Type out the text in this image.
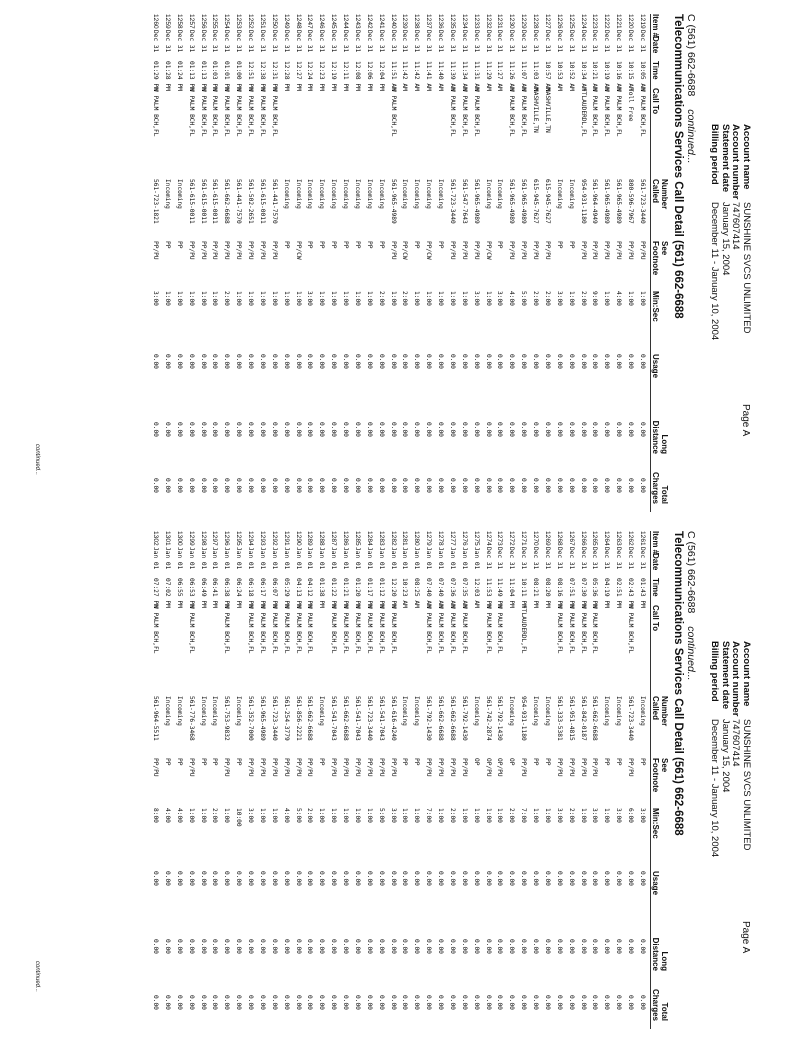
Page A
Account name
SUNSHINE SVCS UNLIMITED
Account number
747607414
Statement date
January 15, 2004
Billing period
December 11 - January 10, 2004
C (561) 662-6688 continued...
Telecommunications Services Call Detail (561) 662-6688
Item #
Date
Time
Call To
Number Called
See Footnote
Min:Sec
Usage
Long Distance
Total Charges
1219
Dec 31
10:05 AM
W PALM BCH,FL
561-723-3440
PP/PU
1:00
0.00
0.00
0.00
1220
Dec 31
10:15 AM
Toll Free
800-596-7967
PP/PU
1:00
0.00
0.00
0.00
1221
Dec 31
10:16 AM
W PALM BCH,FL
561-965-4989
PP/PU
4:00
0.00
0.00
0.00
1222
Dec 31
10:19 AM
W PALM BCH,FL
561-965-4989
PP/PU
1:00
0.00
0.00
0.00
1223
Dec 31
10:21 AM
W PALM BCH,FL
561-964-4949
PP/PU
9:00
0.00
0.00
0.00
1224
Dec 31
10:34 AM
FTLAUDERDL,FL
954-931-1180
PP/PU
2:00
0.00
0.00
0.00
1225
Dec 31
10:52 AM
Incoming
PP
1:00
0.00
0.00
0.00
1226
Dec 31
10:53 AM
Incoming
PP
3:00
0.00
0.00
0.00
1227
Dec 31
10:57 AM
NASHVILLE,TN
615-945-7627
PP/PU
2:00
0.00
0.00
0.00
1228
Dec 31
11:03 AM
NASHVILLE,TN
615-945-7627
PP/PU
2:00
0.00
0.00
0.00
1229
Dec 31
11:07 AM
W PALM BCH,FL
561-965-4989
PP/PU
5:00
0.00
0.00
0.00
1230
Dec 31
11:26 AM
W PALM BCH,FL
561-965-4989
PP/PU
4:00
0.00
0.00
0.00
1231
Dec 31
11:27 AM
Incoming
PP
3:00
0.00
0.00
0.00
1232
Dec 31
11:29 AM
Incoming
PP/CW
1:00
0.00
0.00
0.00
1233
Dec 31
11:31 AM
W PALM BCH,FL
561-965-4989
PP/PU
3:00
0.00
0.00
0.00
1234
Dec 31
11:34 AM
W PALM BCH,FL
561-547-7643
PP/PU
1:00
0.00
0.00
0.00
1235
Dec 31
11:39 AM
W PALM BCH,FL
561-723-3440
PP/PU
1:00
0.00
0.00
0.00
1236
Dec 31
11:40 AM
Incoming
PP
1:00
0.00
0.00
0.00
1237
Dec 31
11:41 AM
Incoming
PP/CW
1:00
0.00
0.00
0.00
1238
Dec 31
11:42 AM
Incoming
PP
1:00
0.00
0.00
0.00
1239
Dec 31
11:42 AM
Incoming
PP/CW
2:00
0.00
0.00
0.00
1240
Dec 31
11:51 AM
W PALM BCH,FL
561-965-4989
PP/PU
1:00
0.00
0.00
0.00
1241
Dec 31
12:04 PM
Incoming
PP
2:00
0.00
0.00
0.00
1242
Dec 31
12:06 PM
Incoming
PP
1:00
0.00
0.00
0.00
1243
Dec 31
12:08 PM
Incoming
PP
1:00
0.00
0.00
0.00
1244
Dec 31
12:11 PM
Incoming
PP
1:00
0.00
0.00
0.00
1245
Dec 31
12:19 PM
Incoming
PP
1:00
0.00
0.00
0.00
1246
Dec 31
12:23 PM
Incoming
PP
1:00
0.00
0.00
0.00
1247
Dec 31
12:24 PM
Incoming
PP
3:00
0.00
0.00
0.00
1248
Dec 31
12:27 PM
Incoming
PP/CW
1:00
0.00
0.00
0.00
1249
Dec 31
12:28 PM
Incoming
PP
1:00
0.00
0.00
0.00
1250
Dec 31
12:31 PM
W PALM BCH,FL
561-441-7570
PP/PU
1:00
0.00
0.00
0.00
1251
Dec 31
12:38 PM
W PALM BCH,FL
561-615-0011
PP/PU
1:00
0.00
0.00
0.00
1252
Dec 31
12:51 PM
W PALM BCH,FL
561-502-2651
PP/PU
1:00
0.00
0.00
0.00
1253
Dec 31
01:00 PM
W PALM BCH,FL
561-441-7570
PP/PU
1:00
0.00
0.00
0.00
1254
Dec 31
01:01 PM
W PALM BCH,FL
561-662-6688
PP/PU
2:00
0.00
0.00
0.00
1255
Dec 31
01:03 PM
W PALM BCH,FL
561-615-0011
PP/PU
1:00
0.00
0.00
0.00
1256
Dec 31
01:13 PM
W PALM BCH,FL
561-615-0011
PP/PU
1:00
0.00
0.00
0.00
1257
Dec 31
01:13 PM
W PALM BCH,FL
561-615-0011
PP/PU
1:00
0.00
0.00
0.00
1258
Dec 31
01:24 PM
Incoming
PP
1:00
0.00
0.00
0.00
1259
Dec 31
01:28 PM
Incoming
PP
1:00
0.00
0.00
0.00
1260
Dec 31
01:29 PM
W PALM BCH,FL
561-723-1821
PP/PU
3:00
0.00
0.00
0.00
continued...
Page A
Account name
SUNSHINE SVCS UNLIMITED
Account number
747607414
Statement date
January 15, 2004
Billing period
December 11 - January 10, 2004
C (561) 662-6688 continued...
Telecommunications Services Call Detail (561) 662-6688
Item #
Date
Time
Call To
Number Called
See Footnote
Min:Sec
Usage
Long Distance
Total Charges
1261
Dec 31
01:43 PM
Incoming
PP
3:00
0.00
0.00
0.00
1262
Dec 31
02:43 PM
W PALM BCH,FL
561-723-3440
PP/PU
6:00
0.00
0.00
0.00
1263
Dec 31
02:51 PM
Incoming
PP
3:00
0.00
0.00
0.00
1264
Dec 31
04:19 PM
Incoming
PP
1:00
0.00
0.00
0.00
1265
Dec 31
05:36 PM
W PALM BCH,FL
561-662-6688
PP/PU
3:00
0.00
0.00
0.00
1266
Dec 31
07:30 PM
W PALM BCH,FL
561-842-0187
PP/PU
1:00
0.00
0.00
0.00
1267
Dec 31
07:51 PM
W PALM BCH,FL
561-951-4815
PP/PU
2:00
0.00
0.00
0.00
1268
Dec 31
08:16 PM
W PALM BCH,FL
561-333-5381
PP/PU
3:00
0.00
0.00
0.00
1269
Dec 31
08:20 PM
Incoming
PP
1:00
0.00
0.00
0.00
1270
Dec 31
08:21 PM
Incoming
PP
1:00
0.00
0.00
0.00
1271
Dec 31
10:11 PM
FTLAUDERDL,FL
954-931-1180
PP/PU
7:00
0.00
0.00
0.00
1272
Dec 31
11:04 PM
Incoming
OP
2:00
0.00
0.00
0.00
1273
Dec 31
11:49 PM
W PALM BCH,FL
561-792-1430
OP/PU
1:00
0.00
0.00
0.00
1274
Dec 31
11:53 PM
W PALM BCH,FL
561-742-2874
OP/PU
1:00
0.00
0.00
0.00
1275
Jan 01
12:03 AM
Incoming
OP
1:00
0.00
0.00
0.00
1276
Jan 01
07:35 AM
W PALM BCH,FL
561-792-1430
PP/PU
1:00
0.00
0.00
0.00
1277
Jan 01
07:36 AM
W PALM BCH,FL
561-662-6688
PP/PU
2:00
0.00
0.00
0.00
1278
Jan 01
07:40 AM
W PALM BCH,FL
561-662-6688
PP/PU
1:00
0.00
0.00
0.00
1279
Jan 01
07:40 AM
W PALM BCH,FL
561-792-1430
PP/PU
7:00
0.00
0.00
0.00
1280
Jan 01
08:25 AM
Incoming
PP
1:00
0.00
0.00
0.00
1281
Jan 01
10:23 AM
Incoming
PP
1:00
0.00
0.00
0.00
1282
Jan 01
12:20 PM
W PALM BCH,FL
561-616-4240
PP/PU
3:00
0.00
0.00
0.00
1283
Jan 01
01:12 PM
W PALM BCH,FL
561-541-7043
PP/PU
5:00
0.00
0.00
0.00
1284
Jan 01
01:17 PM
W PALM BCH,FL
561-723-3440
PP/PU
1:00
0.00
0.00
0.00
1285
Jan 01
01:20 PM
W PALM BCH,FL
561-541-7043
PP/PU
1:00
0.00
0.00
0.00
1286
Jan 01
01:21 PM
W PALM BCH,FL
561-662-6688
PP/PU
1:00
0.00
0.00
0.00
1287
Jan 01
01:22 PM
W PALM BCH,FL
561-541-7043
PP/PU
1:00
0.00
0.00
0.00
1288
Jan 01
01:38 PM
Incoming
PP
1:00
0.00
0.00
0.00
1289
Jan 01
04:12 PM
W PALM BCH,FL
561-662-6688
PP/PU
2:00
0.00
0.00
0.00
1290
Jan 01
04:13 PM
W PALM BCH,FL
561-856-2221
PP/PU
5:00
0.00
0.00
0.00
1291
Jan 01
05:29 PM
W PALM BCH,FL
561-254-3779
PP/PU
4:00
0.00
0.00
0.00
1292
Jan 01
06:07 PM
W PALM BCH,FL
561-723-3440
PP/PU
1:00
0.00
0.00
0.00
1293
Jan 01
06:17 PM
W PALM BCH,FL
561-965-4989
PP/PU
1:00
0.00
0.00
0.00
1294
Jan 01
06:18 PM
W PALM BCH,FL
561-352-7000
PP/PU
3:00
0.00
0.00
0.00
1295
Jan 01
06:24 PM
Incoming
PP
10:00
0.00
0.00
0.00
1296
Jan 01
06:38 PM
W PALM BCH,FL
561-753-9832
PP/PU
1:00
0.00
0.00
0.00
1297
Jan 01
06:41 PM
Incoming
PP
2:00
0.00
0.00
0.00
1298
Jan 01
06:49 PM
Incoming
PP
1:00
0.00
0.00
0.00
1299
Jan 01
06:53 PM
W PALM BCH,FL
561-776-3468
PP/PU
1:00
0.00
0.00
0.00
1300
Jan 01
06:55 PM
Incoming
PP
4:00
0.00
0.00
0.00
1301
Jan 01
07:02 PM
Incoming
PP
4:00
0.00
0.00
0.00
1302
Jan 01
07:27 PM
W PALM BCH,FL
561-964-5511
PP/PU
8:00
0.00
0.00
0.00
continued...
